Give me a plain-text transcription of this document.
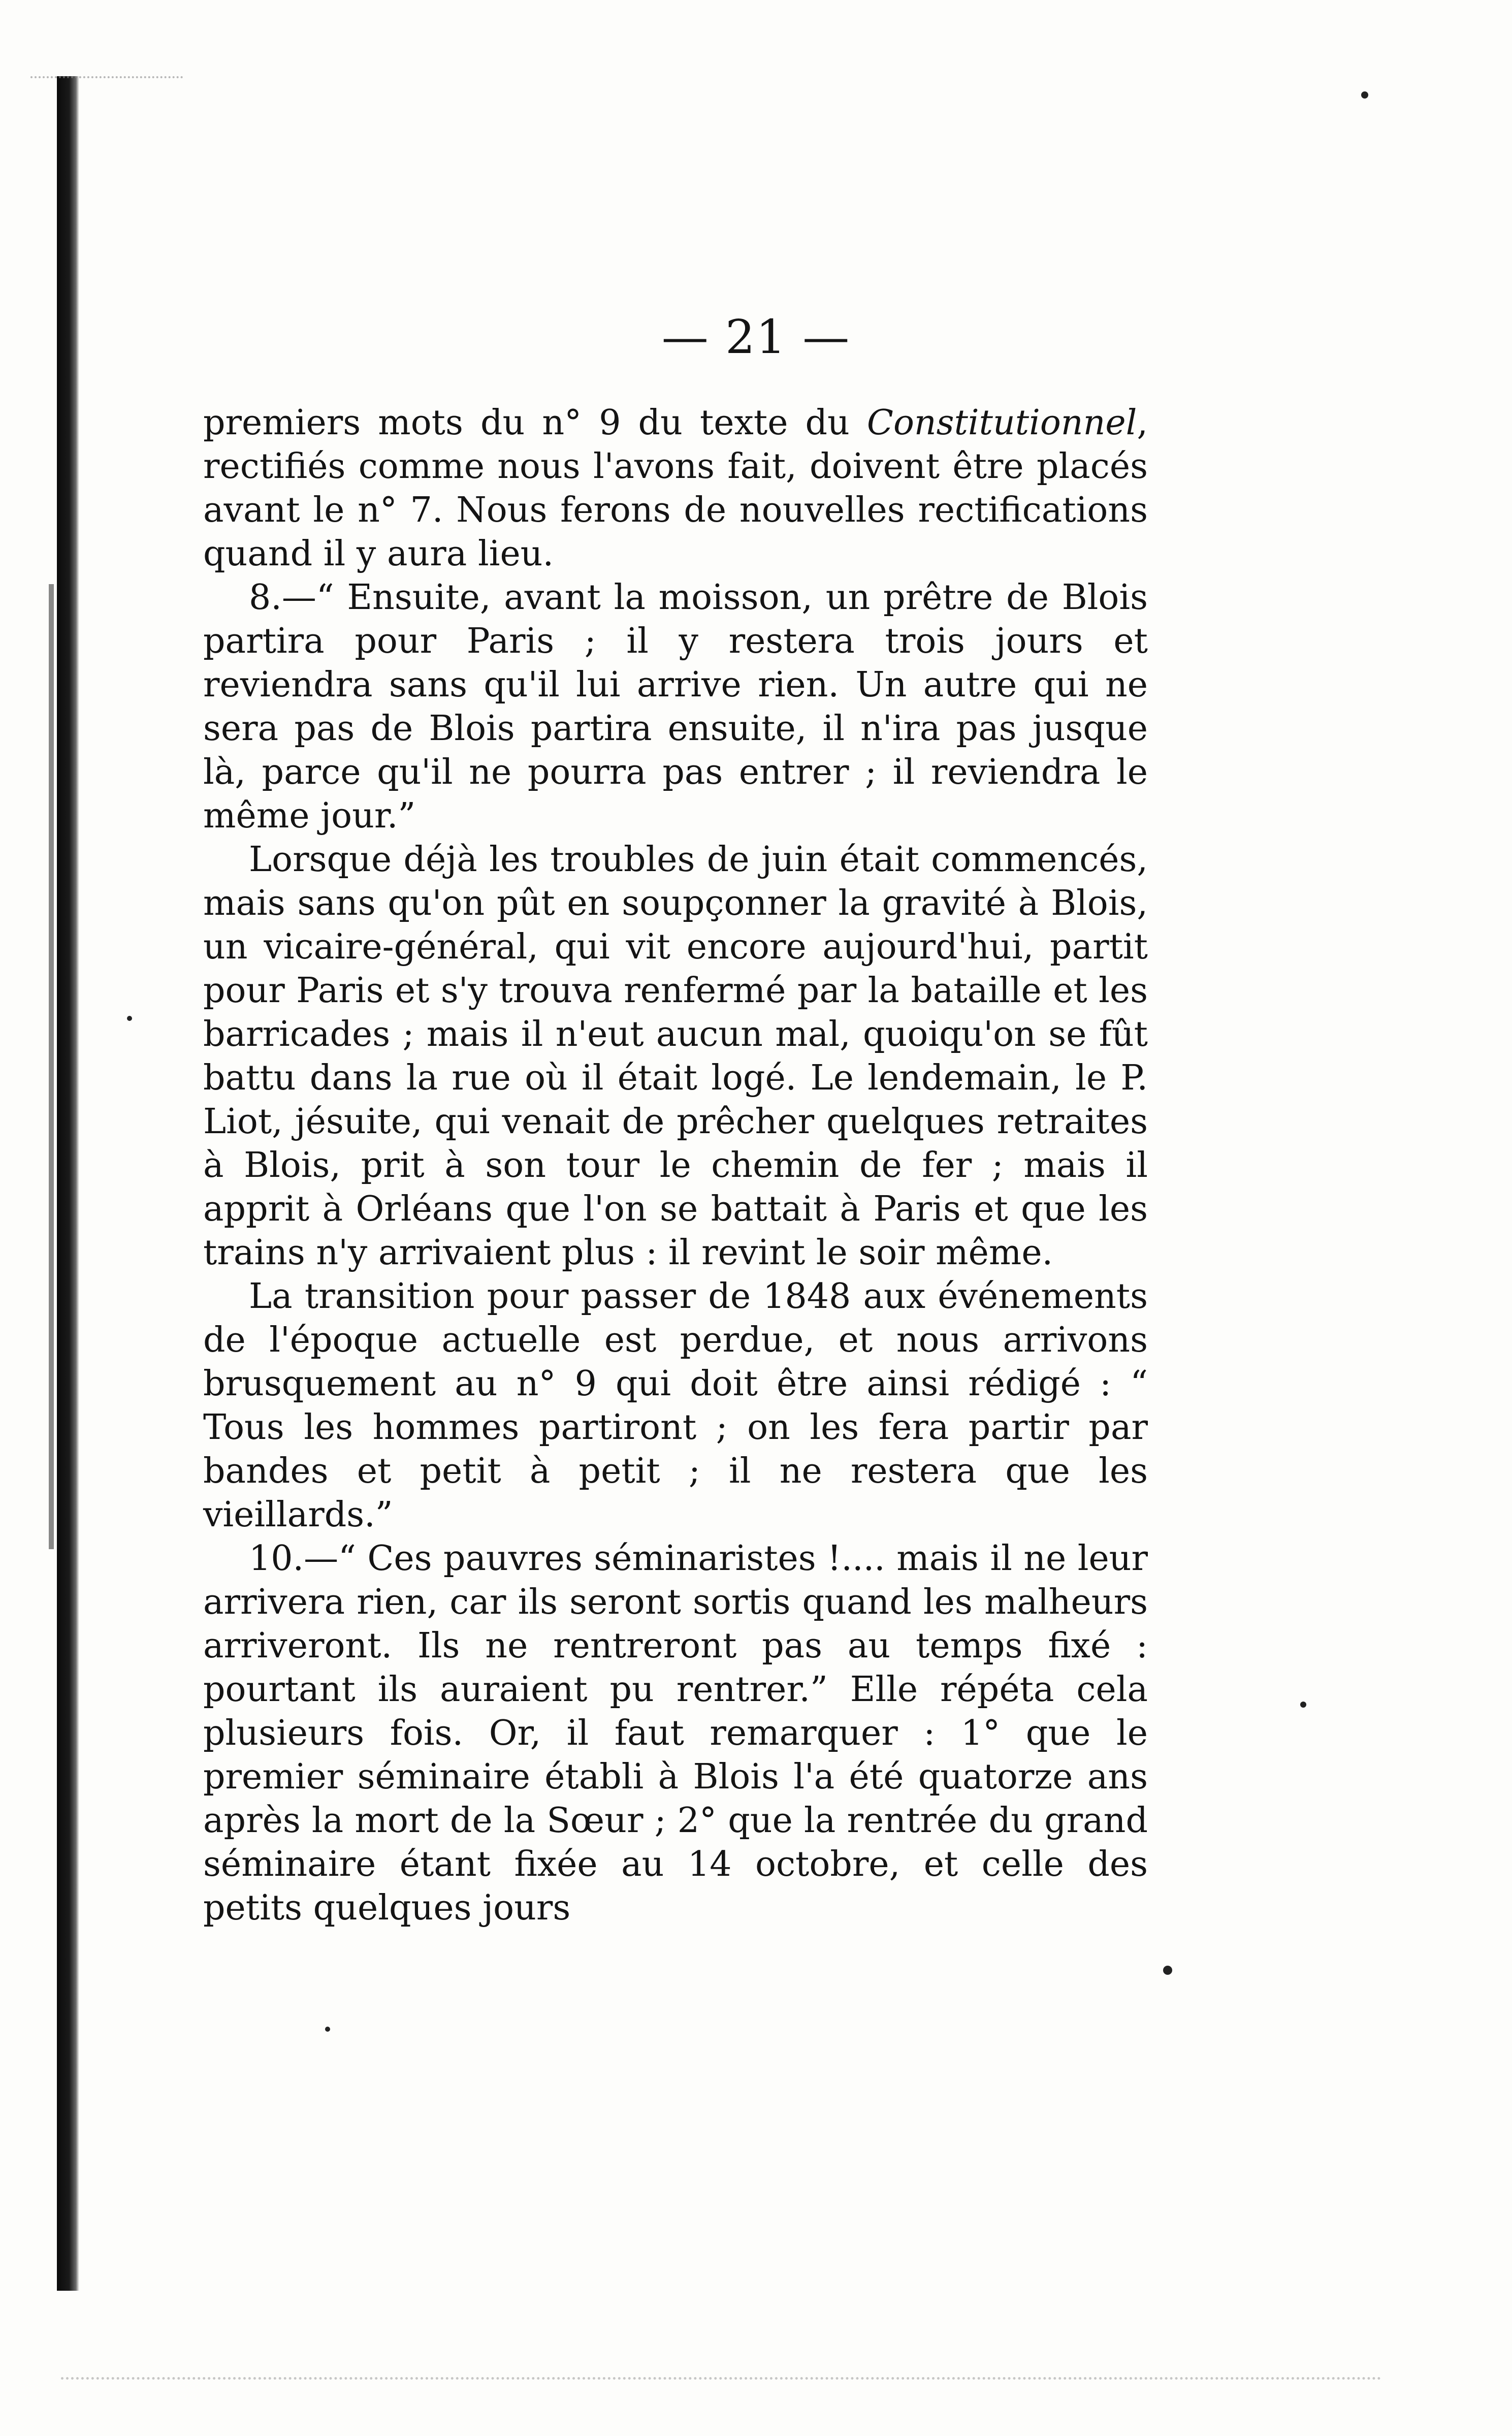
— 21 —

premiers mots du n° 9 du texte du Constitutionnel, rectifiés comme nous l'avons fait, doivent être placés avant le n° 7. Nous ferons de nouvelles rectifications quand il y aura lieu.

8.—“ Ensuite, avant la moisson, un prêtre de Blois partira pour Paris ; il y restera trois jours et reviendra sans qu'il lui arrive rien. Un autre qui ne sera pas de Blois partira ensuite, il n'ira pas jusque là, parce qu'il ne pourra pas entrer ; il reviendra le même jour.”

Lorsque déjà les troubles de juin était commencés, mais sans qu'on pût en soupçonner la gravité à Blois, un vicaire-général, qui vit encore aujourd'hui, partit pour Paris et s'y trouva renfermé par la bataille et les barricades ; mais il n'eut aucun mal, quoiqu'on se fût battu dans la rue où il était logé. Le lendemain, le P. Liot, jésuite, qui venait de prêcher quelques retraites à Blois, prit à son tour le chemin de fer ; mais il apprit à Orléans que l'on se battait à Paris et que les trains n'y arrivaient plus : il revint le soir même.

La transition pour passer de 1848 aux événements de l'époque actuelle est perdue, et nous arrivons brusquement au n° 9 qui doit être ainsi rédigé : “ Tous les hommes partiront ; on les fera partir par bandes et petit à petit ; il ne restera que les vieillards.”

10.—“ Ces pauvres séminaristes !.... mais il ne leur arrivera rien, car ils seront sortis quand les malheurs arriveront. Ils ne rentreront pas au temps fixé : pourtant ils auraient pu rentrer.” Elle répéta cela plusieurs fois. Or, il faut remarquer : 1° que le premier séminaire établi à Blois l'a été quatorze ans après la mort de la Sœur ; 2° que la rentrée du grand séminaire étant fixée au 14 octobre, et celle des petits quelques jours
